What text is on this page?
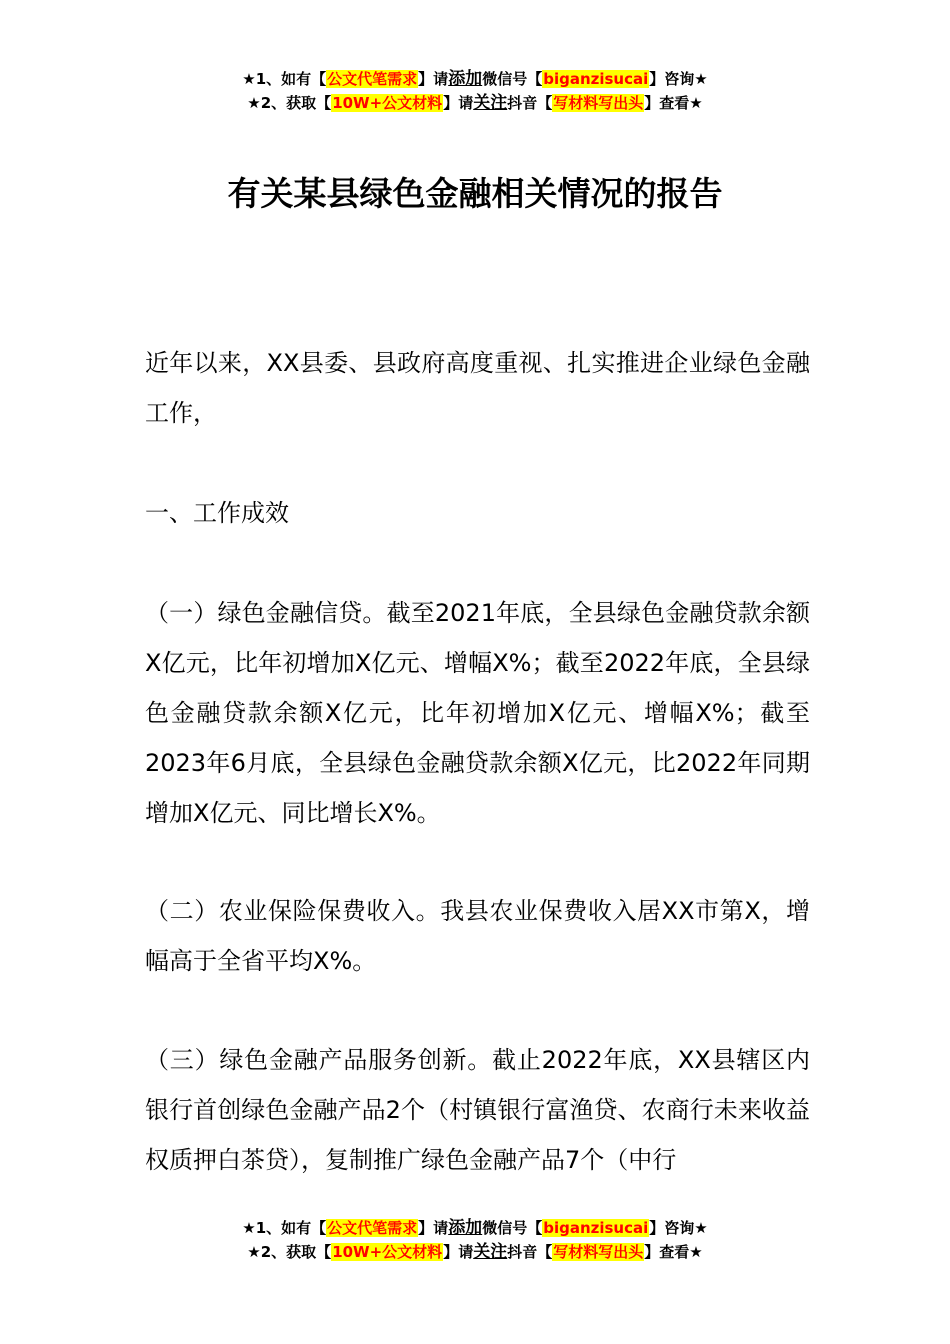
★1、如有【公文代笔需求】请添加微信号【biganzisucai】咨询★
★2、获取【10W+公文材料】请关注抖音【写材料写出头】查看★
有关某县绿色金融相关情况的报告

近年以来，XX县委、县政府高度重视、扎实推进企业绿色金融工作，

一、工作成效

（一）绿色金融信贷。截至2021年底，全县绿色金融贷款余额X亿元，比年初增加X亿元、增幅X%；截至2022年底，全县绿色金融贷款余额X亿元，比年初增加X亿元、增幅X%；截至2023年6月底，全县绿色金融贷款余额X亿元，比2022年同期增加X亿元、同比增长X%。

（二）农业保险保费收入。我县农业保费收入居XX市第X，增幅高于全省平均X%。

（三）绿色金融产品服务创新。截止2022年底，XX县辖区内银行首创绿色金融产品2个（村镇银行富渔贷、农商行未来收益权质押白茶贷），复制推广绿色金融产品7个（中行

★1、如有【公文代笔需求】请添加微信号【biganzisucai】咨询★
★2、获取【10W+公文材料】请关注抖音【写材料写出头】查看★
